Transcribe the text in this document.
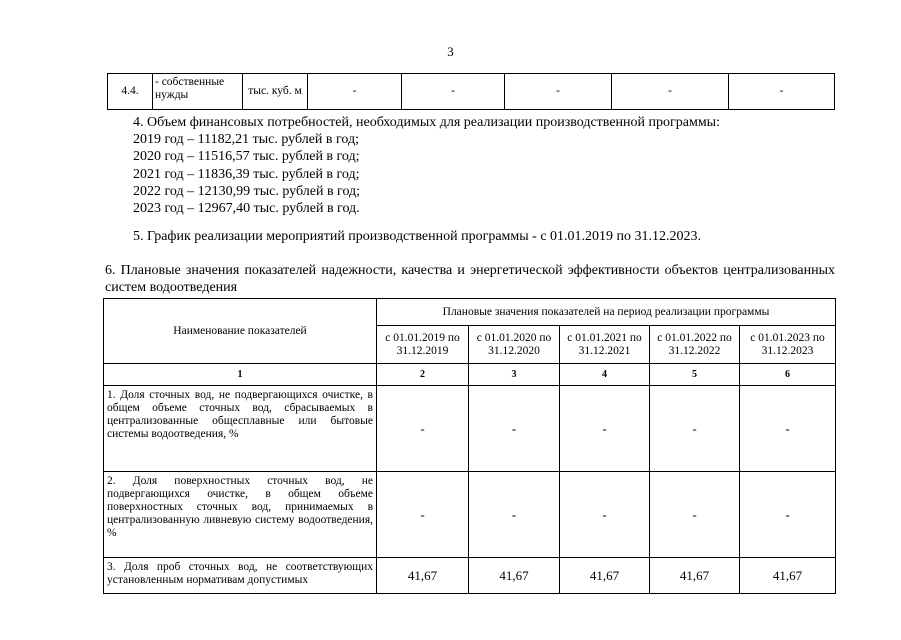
3
4.4.	- собственные нужды	тыс. куб. м	-	-	-	-	-
4. Объем финансовых потребностей, необходимых для реализации производственной программы:
2019 год – 11182,21 тыс. рублей в год;
2020 год – 11516,57 тыс. рублей в год;
2021 год – 11836,39 тыс. рублей в год;
2022 год – 12130,99 тыс. рублей в год;
2023 год – 12967,40 тыс. рублей в год.
5. График реализации мероприятий производственной программы - с 01.01.2019 по 31.12.2023.
6. Плановые значения показателей надежности, качества и энергетической эффективности объектов централизованных систем водоотведения
Наименование показателей	Плановые значения показателей на период реализации программы				
	с 01.01.2019 по 31.12.2019	с 01.01.2020 по 31.12.2020	с 01.01.2021 по 31.12.2021	с 01.01.2022 по 31.12.2022	с 01.01.2023 по 31.12.2023
1	2	3	4	5	6
1. Доля сточных вод, не подвергающихся очистке, в общем объеме сточных вод, сбрасываемых в централизованные общесплавные или бытовые системы водоотведения, %	-	-	-	-	-
2. Доля поверхностных сточных вод, не подвергающихся очистке, в общем объеме поверхностных сточных вод, принимаемых в централизованную ливневую систему водоотведения, %	-	-	-	-	-
3. Доля проб сточных вод, не соответствующих установленным нормативам допустимых	41,67	41,67	41,67	41,67	41,67
